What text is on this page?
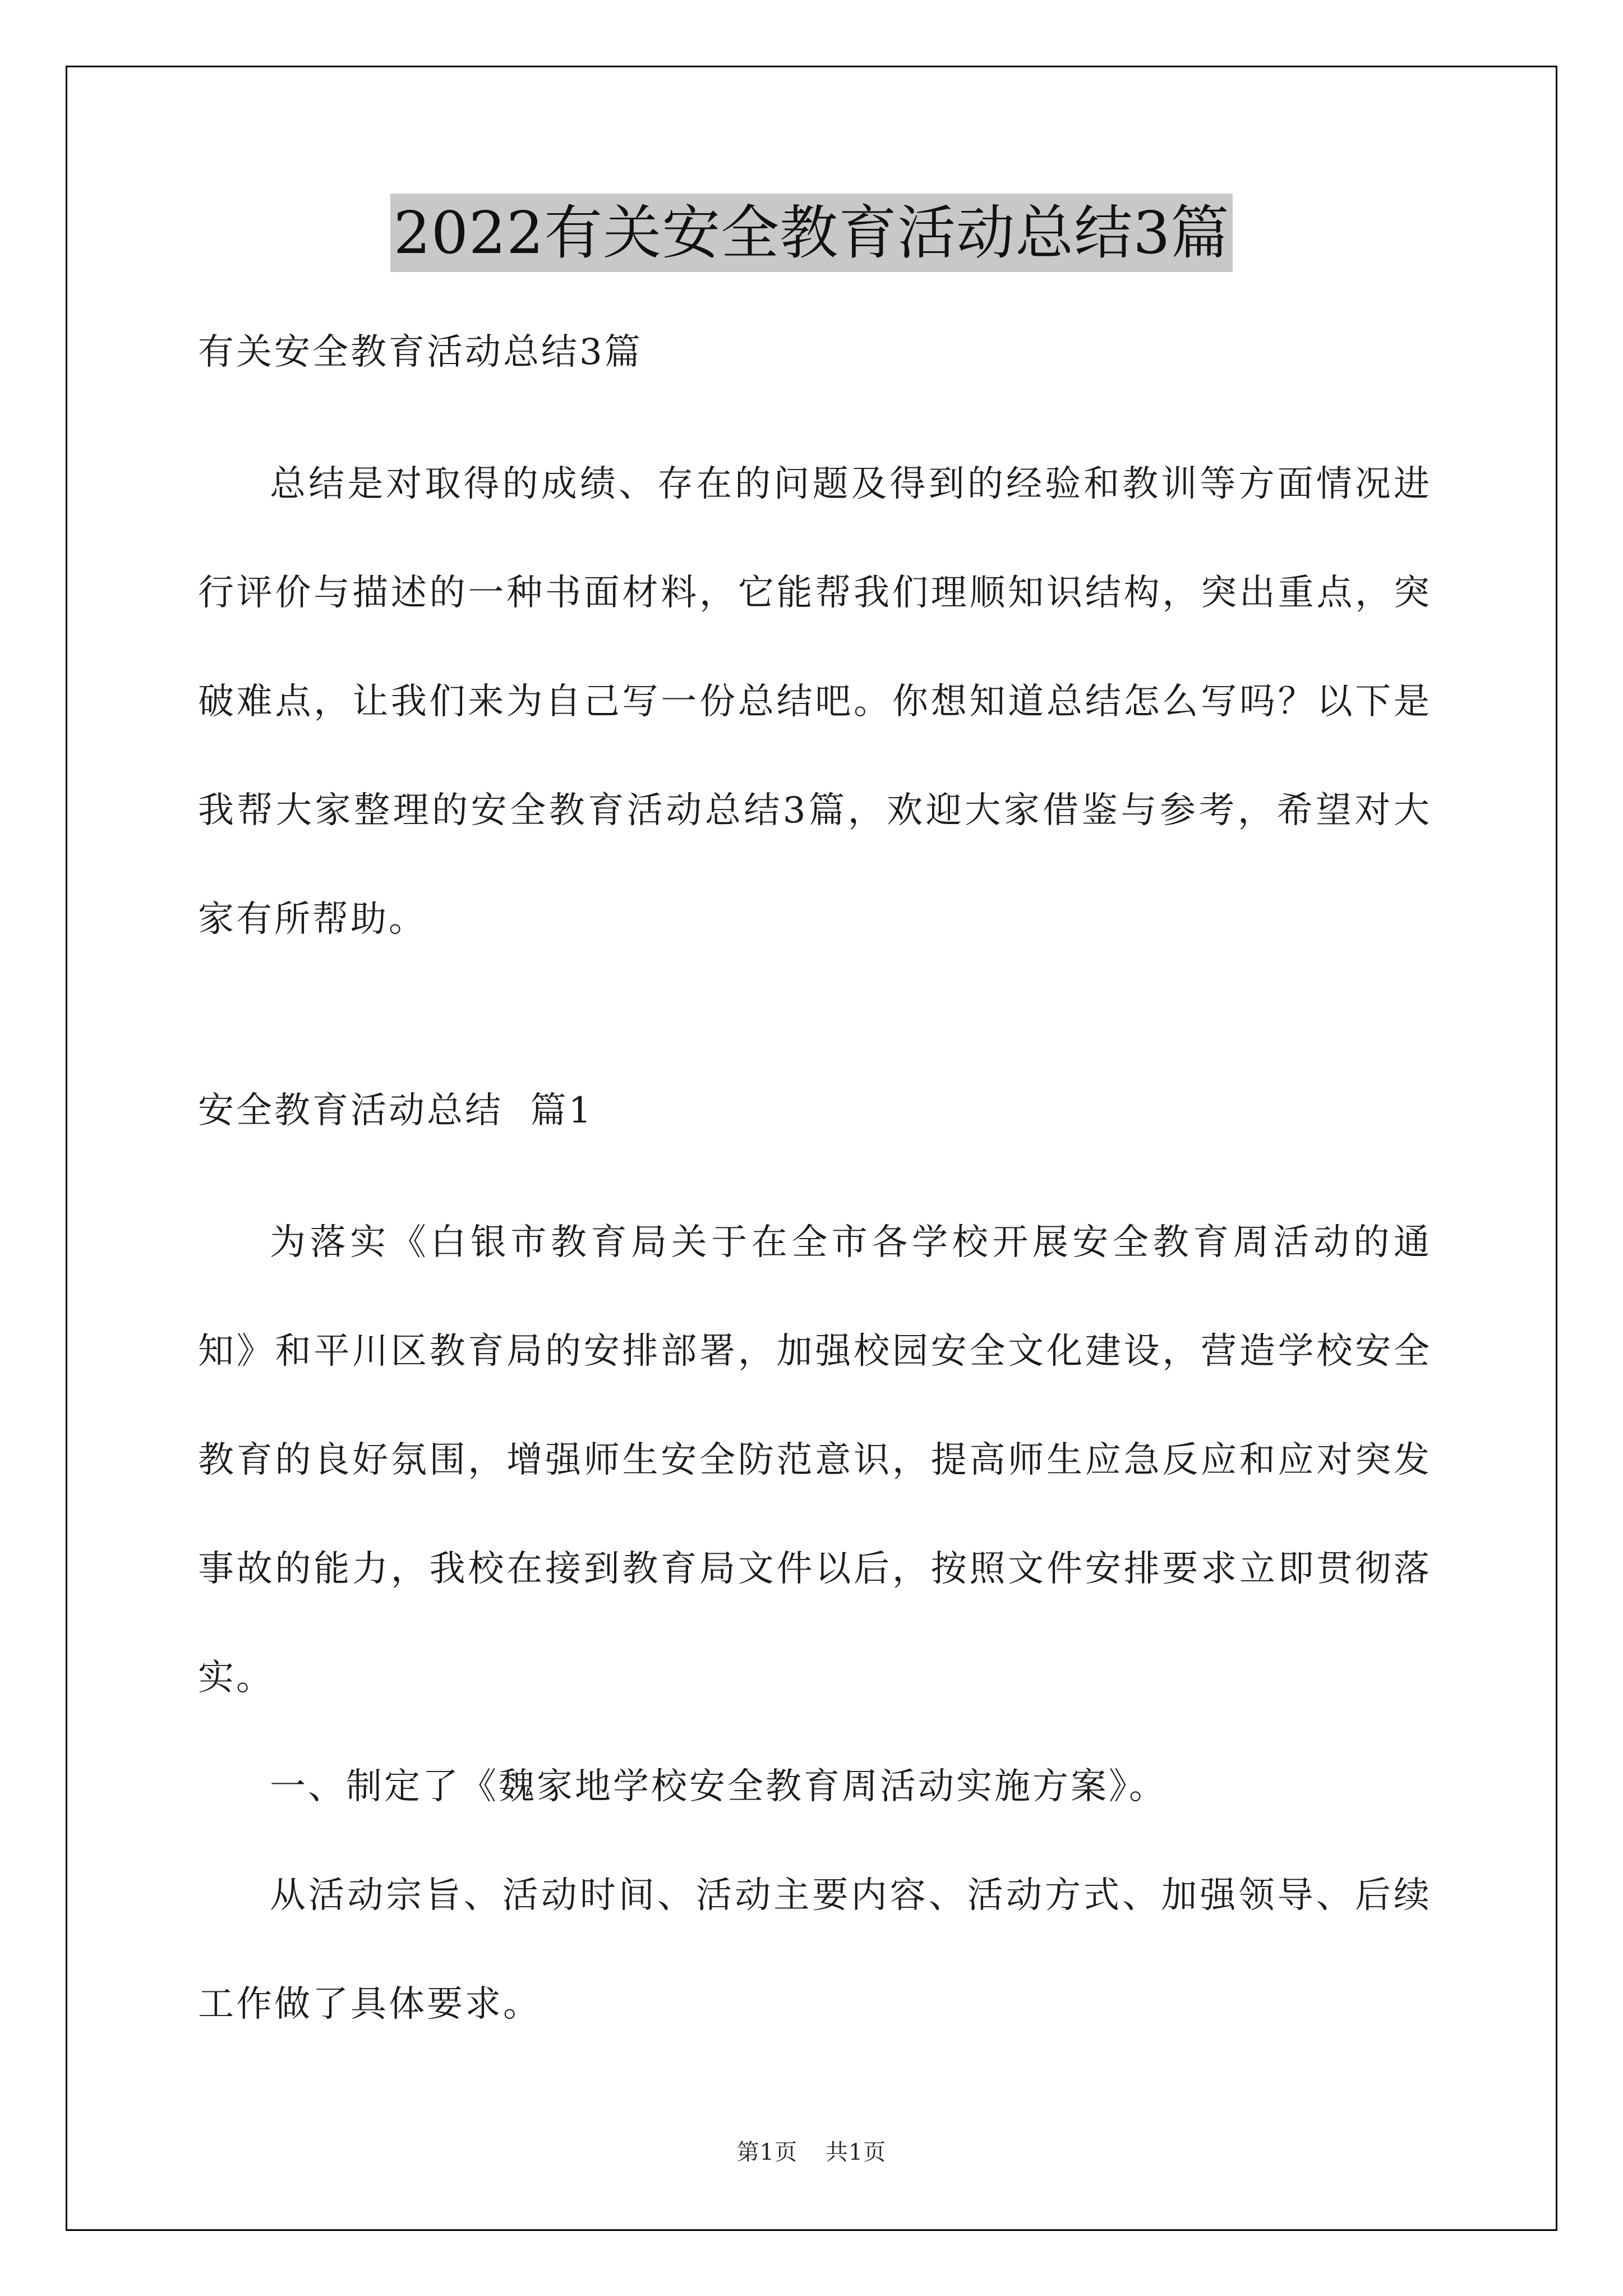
2022有关安全教育活动总结3篇

有关安全教育活动总结3篇

总结是对取得的成绩、存在的问题及得到的经验和教训等方面情况进行评价与描述的一种书面材料，它能帮我们理顺知识结构，突出重点，突破难点，让我们来为自己写一份总结吧。你想知道总结怎么写吗？以下是我帮大家整理的安全教育活动总结3篇，欢迎大家借鉴与参考，希望对大家有所帮助。

安全教育活动总结  篇1

为落实《白银市教育局关于在全市各学校开展安全教育周活动的通知》和平川区教育局的安排部署，加强校园安全文化建设，营造学校安全教育的良好氛围，增强师生安全防范意识，提高师生应急反应和应对突发事故的能力，我校在接到教育局文件以后，按照文件安排要求立即贯彻落实。

一、制定了《魏家地学校安全教育周活动实施方案》。

从活动宗旨、活动时间、活动主要内容、活动方式、加强领导、后续工作做了具体要求。

第1页 共1页
